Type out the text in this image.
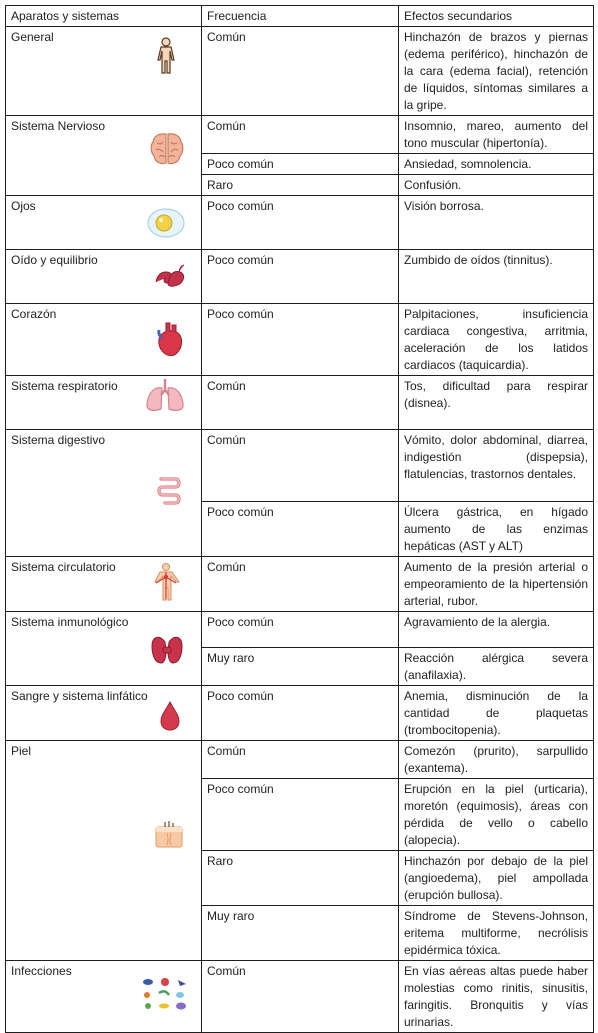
Aparatos y sistemas	Frecuencia	Efectos secundarios
General	Común	Hinchazón de brazos y piernas (edema periférico), hinchazón de la cara (edema facial), retención de líquidos, síntomas similares a la gripe.
Sistema Nervioso	Común	Insomnio, mareo, aumento del tono muscular (hipertonía).
	Poco común	Ansiedad, somnolencia.
	Raro	Confusión.
Ojos	Poco común	Visión borrosa.
Oído y equilibrio	Poco común	Zumbido de oídos (tinnitus).
Corazón	Poco común	Palpitaciones, insuficiencia cardiaca congestiva, arritmia, aceleración de los latidos cardiacos (taquicardia).
Sistema respiratorio	Común	Tos, dificultad para respirar (disnea).
Sistema digestivo	Común	Vómito, dolor abdominal, diarrea, indigestión (dispepsia), flatulencias, trastornos dentales.
	Poco común	Úlcera gástrica, en hígado aumento de las enzimas hepáticas (AST y ALT)
Sistema circulatorio	Común	Aumento de la presión arterial o empeoramiento de la hipertensión arterial, rubor.
Sistema inmunológico	Poco común	Agravamiento de la alergia.
	Muy raro	Reacción alérgica severa (anafilaxia).
Sangre y sistema linfático	Poco común	Anemia, disminución de la cantidad de plaquetas (trombocitopenia).
Piel	Común	Comezón (prurito), sarpullido (exantema).
	Poco común	Erupción en la piel (urticaria), moretón (equimosis), áreas con pérdida de vello o cabello (alopecia).
	Raro	Hinchazón por debajo de la piel (angioedema), piel ampollada (erupción bullosa).
	Muy raro	Síndrome de Stevens-Johnson, eritema multiforme, necrólisis epidérmica tóxica.
Infecciones	Común	En vías aéreas altas puede haber molestias como rinitis, sinusitis, faringitis. Bronquitis y vías urinarias.
